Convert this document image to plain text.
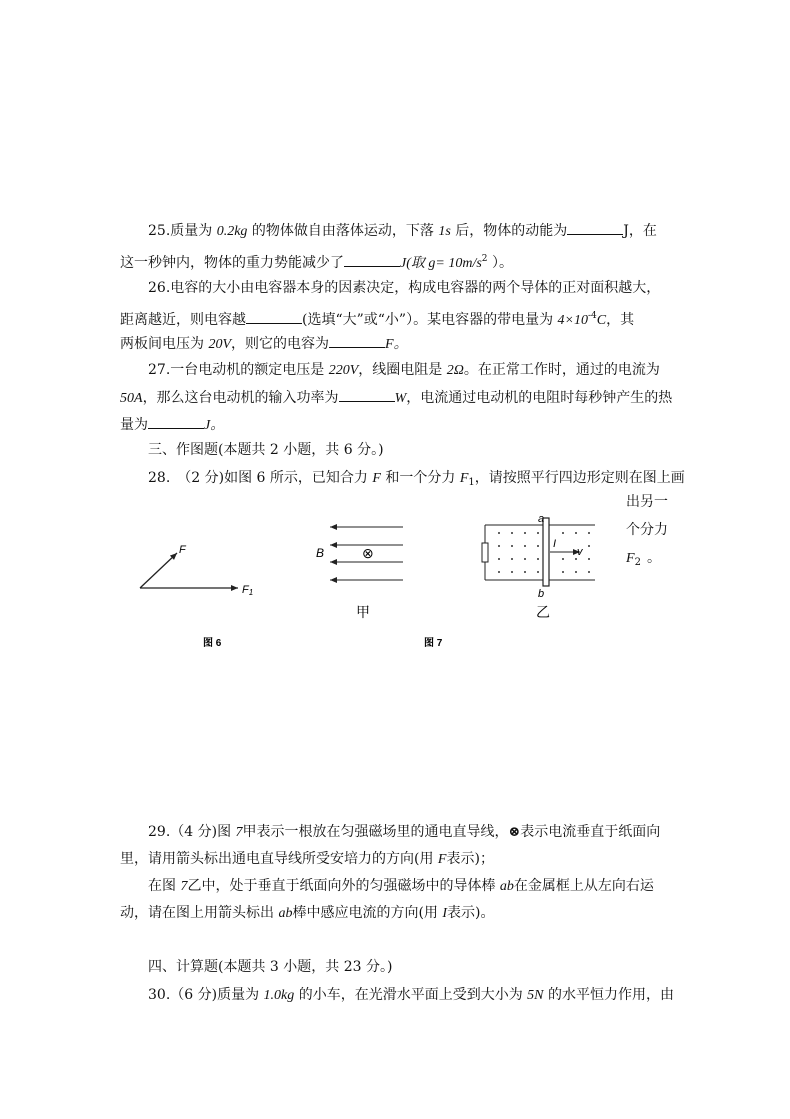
25.质量为 0.2kg 的物体做自由落体运动，下落 1s 后，物体的动能为	J，在
这一秒钟内，物体的重力势能减少了	J(取 $g= 10m/s^2$ ）。
26.电容的大小由电容器本身的因素决定，构成电容器的两个导体的正对面积越大，
距离越近，则电容越	(选填“大”或“小”）。某电容器的带电量为 $4\times 10^{-4}C$，其
两板间电压为 20V，则它的电容为	F。
27.一台电动机的额定电压是 220V，线圈电阻是 2Ω。在正常工作时，通过的电流为
50A，那么这台电动机的输入功率为	W，电流通过电动机的电阻时每秒钟产生的热
量为	J。
三、作图题(本题共 2 小题，共 6 分。)
28.　（2 分)如图 6 所示，已知合力 F 和一个分力 $F_1$，请按照平行四边形定则在图上画
出另一
个分力
$F_2$ 。
F
F1
图 6
B	⊗
甲
图 7
a
b
I
v
乙
29.（4 分)图 7甲表示一根放在匀强磁场里的通电直导线，⊗表示电流垂直于纸面向
里，请用箭头标出通电直导线所受安培力的方向(用 F表示)；
在图 7乙中，处于垂直于纸面向外的匀强磁场中的导体棒 ab在金属框上从左向右运
动，请在图上用箭头标出 ab棒中感应电流的方向(用 I表示)。
四、计算题(本题共 3 小题，共 23 分。)
30.（6 分)质量为 1.0kg 的小车，在光滑水平面上受到大小为 5N 的水平恒力作用，由
